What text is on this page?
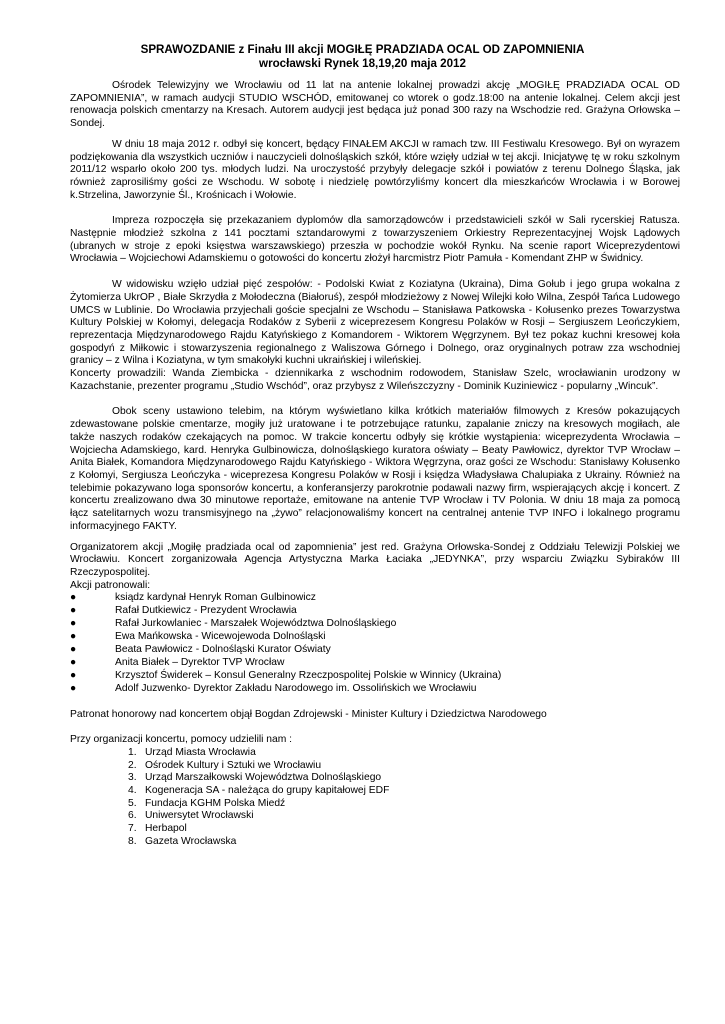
SPRAWOZDANIE z Finału III akcji MOGIŁĘ PRADZIADA OCAL OD ZAPOMNIENIA
wrocławski Rynek 18,19,20 maja 2012

Ośrodek Telewizyjny we Wrocławiu od 11 lat na antenie lokalnej prowadzi akcję „MOGIŁĘ PRADZIADA OCAL OD ZAPOMNIENIA”, w ramach audycji STUDIO WSCHÓD, emitowanej co wtorek o godz.18:00 na antenie lokalnej. Celem akcji jest renowacja polskich cmentarzy na Kresach. Autorem audycji jest będąca już ponad 300 razy na Wschodzie red. Grażyna Orłowska – Sondej.

W dniu 18 maja 2012 r. odbył się koncert, będący FINAŁEM AKCJI w ramach tzw. III Festiwalu Kresowego. Był on wyrazem podziękowania dla wszystkich uczniów i nauczycieli dolnośląskich szkół, które wzięły udział w tej akcji. Inicjatywę tę w roku szkolnym 2011/12 wsparło około 200 tys. młodych ludzi. Na uroczystość przybyły delegacje szkół i powiatów z terenu Dolnego Śląska, jak również zaprosiliśmy gości ze Wschodu. W sobotę i niedzielę powtórzyliśmy koncert dla mieszkańców Wrocławia i w Borowej k.Strzelina, Jaworzynie Śl., Krośnicach i Wołowie.

Impreza rozpoczęła się przekazaniem dyplomów dla samorządowców i przedstawicieli szkół w Sali rycerskiej Ratusza. Następnie młodzież szkolna z 141 pocztami sztandarowymi z towarzyszeniem Orkiestry Reprezentacyjnej Wojsk Lądowych (ubranych w stroje z epoki księstwa warszawskiego) przeszła w pochodzie wokół Rynku. Na scenie raport Wiceprezydentowi Wrocławia – Wojciechowi Adamskiemu o gotowości do koncertu złożył harcmistrz Piotr Pamuła - Komendant ZHP w Świdnicy.

W widowisku wzięło udział pięć zespołów: - Podolski Kwiat z Koziatyna (Ukraina), Dima Gołub i jego grupa wokalna z Żytomierza UkrOP , Białe Skrzydła z Mołodeczna (Białoruś), zespół młodzieżowy z Nowej Wilejki koło Wilna, Zespół Tańca Ludowego UMCS w Lublinie. Do Wrocławia przyjechali goście specjalni ze Wschodu – Stanisława Patkowska - Kołusenko prezes Towarzystwa Kultury Polskiej w Kołomyi, delegacja Rodaków z Syberii z wiceprezesem Kongresu Polaków w Rosji – Sergiuszem Leończykiem, reprezentacja Międzynarodowego Rajdu Katyńskiego z Komandorem - Wiktorem Węgrzynem. Był tez pokaz kuchni kresowej koła gospodyń z Miłkowic i stowarzyszenia regionalnego z Waliszowa Górnego i Dolnego, oraz oryginalnych potraw zza wschodniej granicy – z Wilna i Koziatyna, w tym smakołyki kuchni ukraińskiej i wileńskiej.

Koncerty prowadzili: Wanda Ziembicka - dziennikarka z wschodnim rodowodem, Stanisław Szelc, wrocławianin urodzony w Kazachstanie, prezenter programu „Studio Wschód”, oraz przybysz z Wileńszczyzny - Dominik Kuziniewicz - popularny „Wincuk”.

Obok sceny ustawiono telebim, na którym wyświetlano kilka krótkich materiałów filmowych z Kresów pokazujących zdewastowane polskie cmentarze, mogiły już uratowane i te potrzebujące ratunku, zapalanie zniczy na kresowych mogiłach, ale także naszych rodaków czekających na pomoc. W trakcie koncertu odbyły się krótkie wystąpienia: wiceprezydenta Wrocławia – Wojciecha Adamskiego, kard. Henryka Gulbinowicza, dolnośląskiego kuratora oświaty – Beaty Pawłowicz, dyrektor TVP Wrocław – Anita Białek, Komandora Międzynarodowego Rajdu Katyńskiego - Wiktora Węgrzyna, oraz gości ze Wschodu: Stanisławy Kołusenko z Kołomyi, Sergiusza Leończyka - wiceprezesa Kongresu Polaków w Rosji i księdza Władysława Chalupiaka z Ukrainy. Również na telebimie pokazywano loga sponsorów koncertu, a konferansjerzy parokrotnie podawali nazwy firm, wspierających akcję i koncert. Z koncertu zrealizowano dwa 30 minutowe reportaże, emitowane na antenie TVP Wrocław i TV Polonia. W dniu 18 maja za pomocą łącz satelitarnych wozu transmisyjnego na „żywo” relacjonowaliśmy koncert na centralnej antenie TVP INFO i lokalnego programu informacyjnego FAKTY.

Organizatorem akcji „Mogiłę pradziada ocal od zapomnienia” jest red. Grażyna Orłowska-Sondej z Oddziału Telewizji Polskiej we Wrocławiu. Koncert zorganizowała Agencja Artystyczna Marka Łaciaka „JEDYNKA”, przy wsparciu Związku Sybiraków III Rzeczypospolitej.

Akcji patronowali:

●	ksiądz kardynał Henryk Roman Gulbinowicz
●	Rafał Dutkiewicz - Prezydent Wrocławia
●	Rafał Jurkowlaniec - Marszałek Województwa Dolnośląskiego
●	Ewa Mańkowska - Wicewojewoda Dolnośląski
●	Beata Pawłowicz - Dolnośląski Kurator Oświaty
●	Anita Białek – Dyrektor TVP Wrocław
●	Krzysztof Świderek – Konsul Generalny Rzeczpospolitej Polskie w Winnicy (Ukraina)
●	Adolf Juzwenko- Dyrektor Zakładu Narodowego im. Ossolińskich we Wrocławiu

Patronat honorowy nad koncertem objął Bogdan Zdrojewski - Minister Kultury i Dziedzictwa Narodowego

Przy organizacji koncertu, pomocy udzielili nam :

1. Urząd Miasta Wrocławia
2. Ośrodek Kultury i Sztuki we Wrocławiu
3. Urząd Marszałkowski Województwa Dolnośląskiego
4. Kogeneracja SA - należąca do grupy kapitałowej EDF
5. Fundacja KGHM Polska Miedź
6. Uniwersytet Wrocławski
7. Herbapol
8. Gazeta Wrocławska
